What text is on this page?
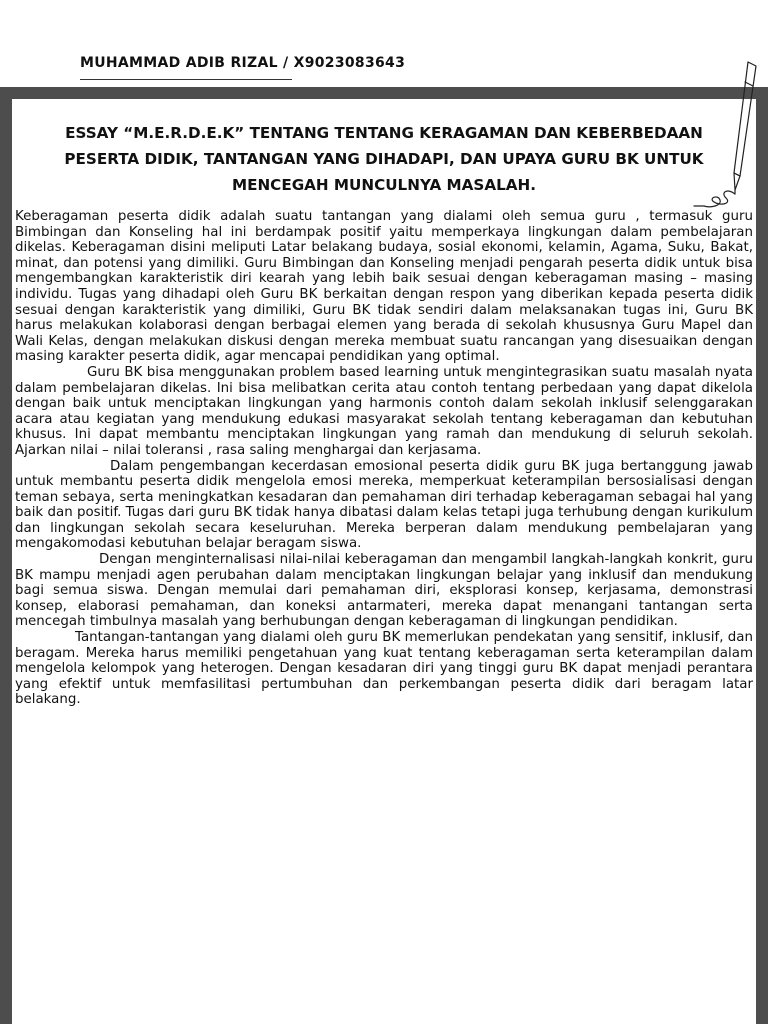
MUHAMMAD ADIB RIZAL / X9023083643

ESSAY “M.E.R.D.E.K” TENTANG TENTANG KERAGAMAN DAN KEBERBEDAAN PESERTA DIDIK, TANTANGAN YANG DIHADAPI, DAN UPAYA GURU BK UNTUK MENCEGAH MUNCULNYA MASALAH.

Keberagaman peserta didik adalah suatu tantangan yang dialami oleh semua guru , termasuk guru Bimbingan dan Konseling hal ini berdampak positif yaitu memperkaya lingkungan dalam pembelajaran dikelas. Keberagaman disini meliputi Latar belakang budaya, sosial ekonomi, kelamin, Agama, Suku, Bakat, minat, dan potensi yang dimiliki. Guru Bimbingan dan Konseling menjadi pengarah peserta didik untuk bisa mengembangkan karakteristik diri kearah yang lebih baik sesuai dengan keberagaman masing – masing individu. Tugas yang dihadapi oleh Guru BK berkaitan dengan respon yang diberikan kepada peserta didik sesuai dengan karakteristik yang dimiliki, Guru BK tidak sendiri dalam melaksanakan tugas ini, Guru BK harus melakukan kolaborasi dengan berbagai elemen yang berada di sekolah khususnya Guru Mapel dan Wali Kelas, dengan melakukan diskusi dengan mereka membuat suatu rancangan yang disesuaikan dengan masing karakter peserta didik, agar mencapai pendidikan yang optimal.

Guru BK bisa menggunakan problem based learning untuk mengintegrasikan suatu masalah nyata dalam pembelajaran dikelas. Ini bisa melibatkan cerita atau contoh tentang perbedaan yang dapat dikelola dengan baik untuk menciptakan lingkungan yang harmonis contoh dalam sekolah inklusif selenggarakan acara atau kegiatan yang mendukung edukasi masyarakat sekolah tentang keberagaman dan kebutuhan khusus. Ini dapat membantu menciptakan lingkungan yang ramah dan mendukung di seluruh sekolah. Ajarkan nilai – nilai toleransi , rasa saling menghargai dan kerjasama.

Dalam pengembangan kecerdasan emosional peserta didik guru BK juga bertanggung jawab untuk membantu peserta didik mengelola emosi mereka, memperkuat keterampilan bersosialisasi dengan teman sebaya, serta meningkatkan kesadaran dan pemahaman diri terhadap keberagaman sebagai hal yang baik dan positif. Tugas dari guru BK tidak hanya dibatasi dalam kelas tetapi juga terhubung dengan kurikulum dan lingkungan sekolah secara keseluruhan. Mereka berperan dalam mendukung pembelajaran yang mengakomodasi kebutuhan belajar beragam siswa.

Dengan menginternalisasi nilai-nilai keberagaman dan mengambil langkah-langkah konkrit, guru BK mampu menjadi agen perubahan dalam menciptakan lingkungan belajar yang inklusif dan mendukung bagi semua siswa. Dengan memulai dari pemahaman diri, eksplorasi konsep, kerjasama, demonstrasi konsep, elaborasi pemahaman, dan koneksi antarmateri, mereka dapat menangani tantangan serta mencegah timbulnya masalah yang berhubungan dengan keberagaman di lingkungan pendidikan.

Tantangan-tantangan yang dialami oleh guru BK memerlukan pendekatan yang sensitif, inklusif, dan beragam. Mereka harus memiliki pengetahuan yang kuat tentang keberagaman serta keterampilan dalam mengelola kelompok yang heterogen. Dengan kesadaran diri yang tinggi guru BK dapat menjadi perantara yang efektif untuk memfasilitasi pertumbuhan dan perkembangan peserta didik dari beragam latar belakang.
